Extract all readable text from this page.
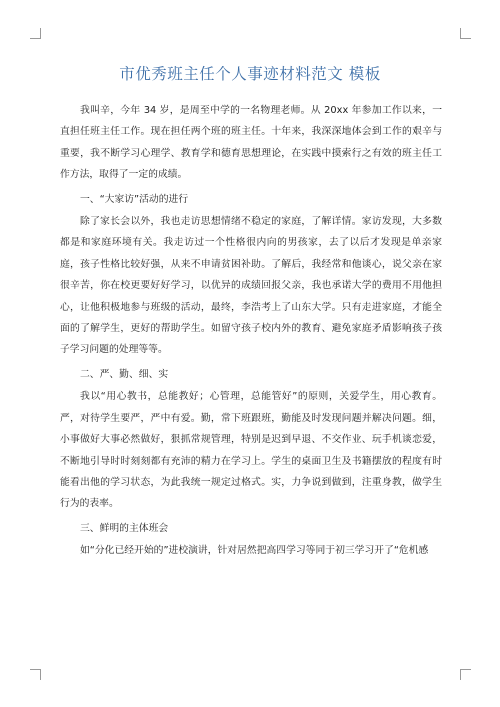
市优秀班主任个人事迹材料范文 模板

我叫辛，今年 34 岁，是周至中学的一名物理老师。从 20xx 年参加工作以来，一直担任班主任工作。现在担任两个班的班主任。十年来，我深深地体会到工作的艰辛与重要，我不断学习心理学、教育学和德育思想理论，在实践中摸索行之有效的班主任工作方法，取得了一定的成绩。

一、“大家访”活动的进行

除了家长会以外，我也走访思想情绪不稳定的家庭，了解详情。家访发现，大多数都是和家庭环境有关。我走访过一个性格很内向的男孩家，去了以后才发现是单亲家庭，孩子性格比较好强，从来不申请贫困补助。了解后，我经常和他谈心，说父亲在家很辛苦，你在校更要好好学习，以优异的成绩回报父亲，我也承诺大学的费用不用他担心，让他积极地参与班级的活动，最终，李浩考上了山东大学。只有走进家庭，才能全面的了解学生，更好的帮助学生。如留守孩子校内外的教育、避免家庭矛盾影响孩子孩子学习问题的处理等等。

二、严、勤、细、实

我以“用心教书，总能教好；心管理，总能管好”的原则，关爱学生，用心教育。严，对待学生要严，严中有爱。勤，常下班跟班，勤能及时发现问题并解决问题。细，小事做好大事必然做好，狠抓常规管理，特别是迟到早退、不交作业、玩手机谈恋爱，不断地引导时时刻刻都有充沛的精力在学习上。学生的桌面卫生及书籍摆放的程度有时能看出他的学习状态，为此我统一规定过格式。实，力争说到做到，注重身教，做学生行为的表率。

三、鲜明的主体班会

如“分化已经开始的”进校演讲，针对居然把高四学习等同于初三学习开了“危机感
